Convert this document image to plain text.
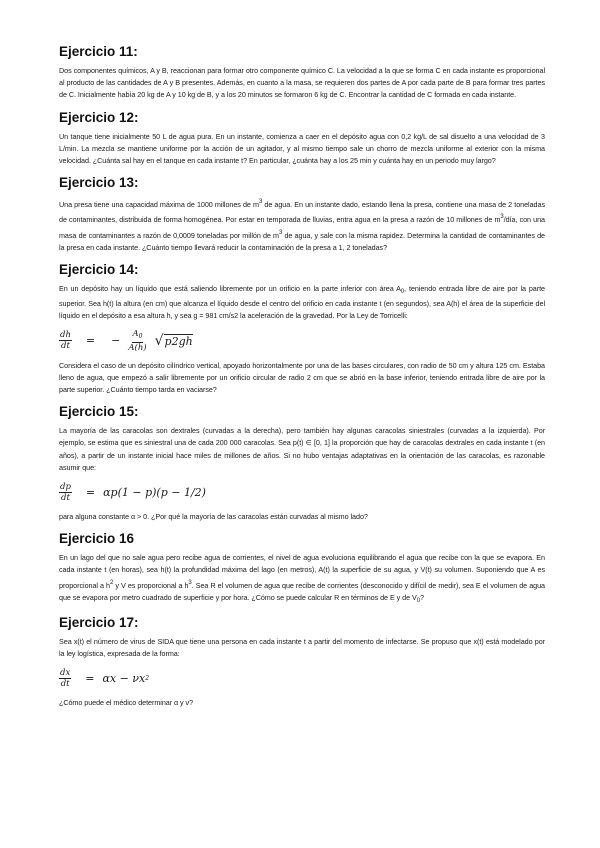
Ejercicio 11:

Dos componentes químicos, A y B, reaccionan para formar otro componente químico C. La velocidad a la que se forma C en cada instante es proporcional al producto de las cantidades de A y B presentes. Además, en cuanto a la masa, se requieren dos partes de A por cada parte de B para formar tres partes de C. Inicialmente había 20 kg de A y 10 kg de B, y a los 20 minutos se formaron 6 kg de C. Encontrar la cantidad de C formada en cada instante.

Ejercicio 12:

Un tanque tiene inicialmente 50 L de agua pura. En un instante, comienza a caer en el depósito agua con 0,2 kg/L de sal disuelto a una velocidad de 3 L/min. La mezcla se mantiene uniforme por la acción de un agitador, y al mismo tiempo sale un chorro de mezcla uniforme al exterior con la misma velocidad. ¿Cuánta sal hay en el tanque en cada instante t? En particular, ¿cuánta hay a los 25 min y cuánta hay en un periodo muy largo?

Ejercicio 13:

Una presa tiene una capacidad máxima de 1000 millones de $m^3$ de agua. En un instante dado, estando llena la presa, contiene una masa de 2 toneladas de contaminantes, distribuida de forma homogénea. Por estar en temporada de lluvias, entra agua en la presa a razón de 10 millones de $m^3$/día, con una masa de contaminantes a razón de 0,0009 toneladas por millón de $m^3$ de agua, y sale con la misma rapidez. Determina la cantidad de contaminantes de la presa en cada instante. ¿Cuánto tiempo llevará reducir la contaminación de la presa a 1, 2 toneladas?

Ejercicio 14:

En un depósito hay un líquido que está saliendo libremente por un orificio en la parte inferior con área $A_0$, teniendo entrada libre de aire por la parte superior. Sea h(t) la altura (en cm) que alcanza el líquido desde el centro del orificio en cada instante t (en segundos), sea A(h) el área de la superficie del líquido en el depósito a esa altura h, y sea g = 981 cm/s2 la aceleración de la gravedad. Por la Ley de Torricelli:

$\frac{dh}{dt}$ = − $\frac{A_0}{A(h)}$ √ p2gh

Considera el caso de un depósito cilíndrico vertical, apoyado horizontalmente por una de las bases circulares, con radio de 50 cm y altura 125 cm. Estaba lleno de agua, que empezó a salir libremente por un orificio circular de radio 2 cm que se abrió en la base inferior, teniendo entrada libre de aire por la parte superior. ¿Cuánto tiempo tarda en vaciarse?

Ejercicio 15:

La mayoría de las caracolas son dextrales (curvadas a la derecha), pero también hay algunas caracolas siniestrales (curvadas a la izquierda). Por ejemplo, se estima que es siniestral una de cada 200 000 caracolas. Sea p(t) ∈ [0, 1] la proporción que hay de caracolas dextrales en cada instante t (en años), a partir de un instante inicial hace miles de millones de años. Si no hubo ventajas adaptativas en la orientación de las caracolas, es razonable asumir que:

$\frac{dp}{dt} = \alpha p(1 - p)(p - 1/2)$

para alguna constante α > 0. ¿Por qué la mayoría de las caracolas están curvadas al mismo lado?

Ejercicio 16

En un lago del que no sale agua pero recibe agua de corrientes, el nivel de agua evoluciona equilibrando el agua que recibe con la que se evapora. En cada instante t (en horas), sea h(t) la profundidad máxima del lago (en metros), A(t) la superficie de su agua, y V(t) su volumen. Suponiendo que A es proporcional a $h^2$ y V es proporcional a $h^3$. Sea R el volumen de agua que recibe de corrientes (desconocido y difícil de medir), sea E el volumen de agua que se evapora por metro cuadrado de superficie y por hora. ¿Cómo se puede calcular R en términos de E y de $V_0$?

Ejercicio 17:

Sea x(t) el número de virus de SIDA que tiene una persona en cada instante t a partir del momento de infectarse. Se propuso que x(t) está modelado por la ley logística, expresada de la forma:

$\frac{dx}{dt} = \alpha x - \nu x$ 2

¿Cómo puede el médico determinar α y ν?
